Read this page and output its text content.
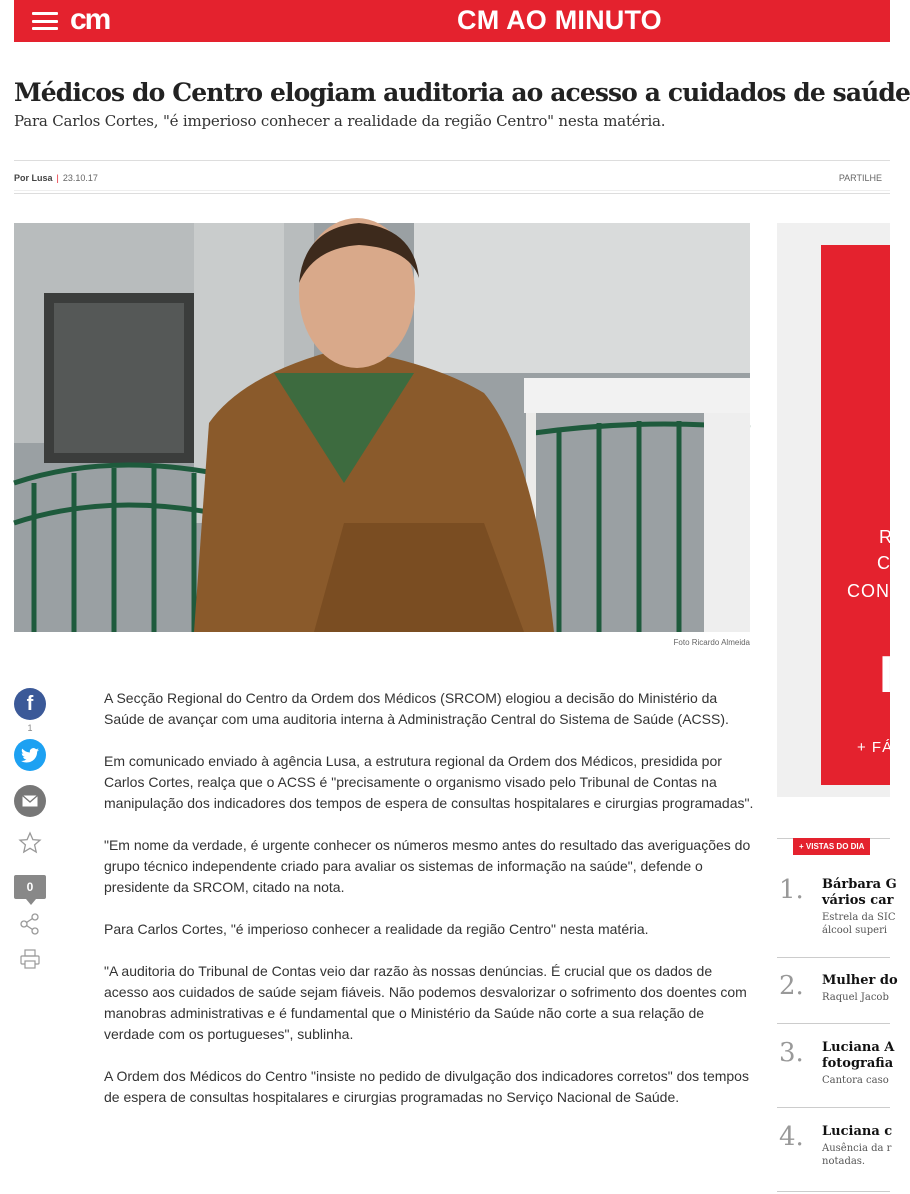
cm	CM AO MINUTO
Médicos do Centro elogiam auditoria ao acesso a cuidados de saúde
Para Carlos Cortes, "é imperioso conhecer a realidade da região Centro" nesta matéria.
Por Lusa | 23.10.17	PARTILHE
Foto Ricardo Almeida
f
1
0

A Secção Regional do Centro da Ordem dos Médicos (SRCOM) elogiou a decisão do Ministério da Saúde de avançar com uma auditoria interna à Administração Central do Sistema de Saúde (ACSS).

Em comunicado enviado à agência Lusa, a estrutura regional da Ordem dos Médicos, presidida por Carlos Cortes, realça que o ACSS é "precisamente o organismo visado pelo Tribunal de Contas na manipulação dos indicadores dos tempos de espera de consultas hospitalares e cirurgias programadas".

"Em nome da verdade, é urgente conhecer os números mesmo antes do resultado das averiguações do grupo técnico independente criado para avaliar os sistemas de informação na saúde", defende o presidente da SRCOM, citado na nota.

Para Carlos Cortes, "é imperioso conhecer a realidade da região Centro" nesta matéria.

"A auditoria do Tribunal de Contas veio dar razão às nossas denúncias. É crucial que os dados de acesso aos cuidados de saúde sejam fiáveis. Não podemos desvalorizar o sofrimento dos doentes com manobras administrativas e é fundamental que o Ministério da Saúde não corte a sua relação de verdade com os portugueses", sublinha.

A Ordem dos Médicos do Centro "insiste no pedido de divulgação dos indicadores corretos" dos tempos de espera de consultas hospitalares e cirurgias programadas no Serviço Nacional de Saúde.

R
C
CON
I
+ FÁ
+ VISTAS DO DIA
1. Bárbara G
vários car
Estrela da SIC
álcool superi
2. Mulher do
Raquel Jacob
3. Luciana A
fotografia
Cantora caso
4. Luciana c
Ausência da r
notadas.
